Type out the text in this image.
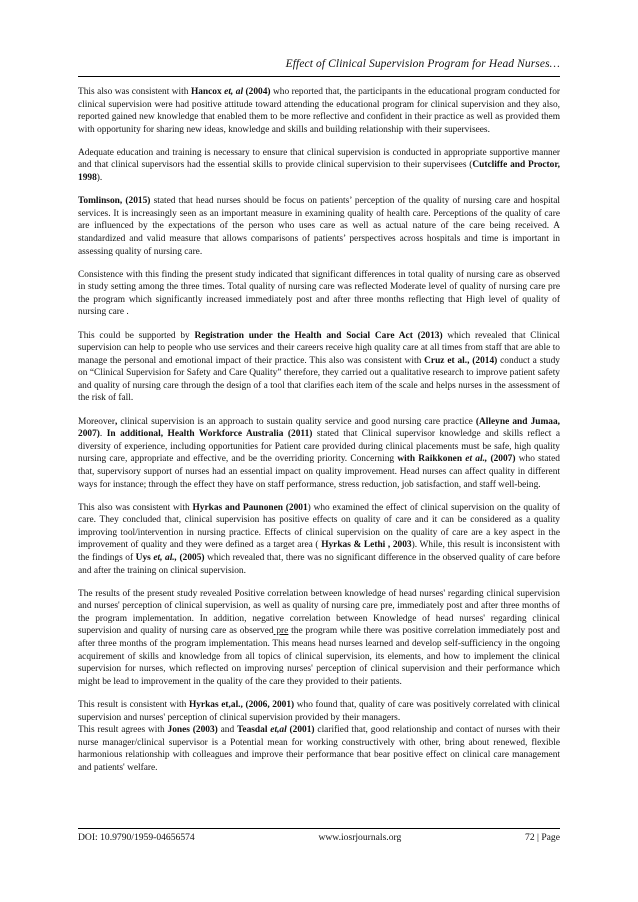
Effect of Clinical Supervision Program for Head Nurses…

This also was consistent with Hancox et, al (2004) who reported that, the participants in the educational program conducted for clinical supervision were had positive attitude toward attending the educational program for clinical supervision and they also, reported gained new knowledge that enabled them to be more reflective and confident in their practice as well as provided them with opportunity for sharing new ideas, knowledge and skills and building relationship with their supervisees.

Adequate education and training is necessary to ensure that clinical supervision is conducted in appropriate supportive manner and that clinical supervisors had the essential skills to provide clinical supervision to their supervisees (Cutcliffe and Proctor, 1998).

Tomlinson, (2015) stated that head nurses should be focus on patients’ perception of the quality of nursing care and hospital services. It is increasingly seen as an important measure in examining quality of health care. Perceptions of the quality of care are influenced by the expectations of the person who uses care as well as actual nature of the care being received. A standardized and valid measure that allows comparisons of patients’ perspectives across hospitals and time is important in assessing quality of nursing care.

Consistence with this finding the present study indicated that significant differences in total quality of nursing care as observed in study setting among the three times. Total quality of nursing care was reflected Moderate level of quality of nursing care pre the program which significantly increased immediately post and after three months reflecting that High level of quality of nursing care .

This could be supported by Registration under the Health and Social Care Act (2013) which revealed that Clinical supervision can help to people who use services and their careers receive high quality care at all times from staff that are able to manage the personal and emotional impact of their practice. This also was consistent with Cruz et al., (2014) conduct a study on “Clinical Supervision for Safety and Care Quality” therefore, they carried out a qualitative research to improve patient safety and quality of nursing care through the design of a tool that clarifies each item of the scale and helps nurses in the assessment of the risk of fall.

Moreover, clinical supervision is an approach to sustain quality service and good nursing care practice (Alleyne and Jumaa, 2007). In additional, Health Workforce Australia (2011) stated that Clinical supervisor knowledge and skills reflect a diversity of experience, including opportunities for Patient care provided during clinical placements must be safe, high quality nursing care, appropriate and effective, and be the overriding priority. Concerning with Raikkonen et al., (2007) who stated that, supervisory support of nurses had an essential impact on quality improvement. Head nurses can affect quality in different ways for instance; through the effect they have on staff performance, stress reduction, job satisfaction, and staff well-being.

This also was consistent with Hyrkas and Paunonen (2001) who examined the effect of clinical supervision on the quality of care. They concluded that, clinical supervision has positive effects on quality of care and it can be considered as a quality improving tool/intervention in nursing practice. Effects of clinical supervision on the quality of care are a key aspect in the improvement of quality and they were defined as a target area ( Hyrkas & Lethi , 2003). While, this result is inconsistent with the findings of Uys et, al., (2005) which revealed that, there was no significant difference in the observed quality of care before and after the training on clinical supervision.

The results of the present study revealed Positive correlation between knowledge of head nurses' regarding clinical supervision and nurses' perception of clinical supervision, as well as quality of nursing care pre, immediately post and after three months of the program implementation. In addition, negative correlation between Knowledge of head nurses' regarding clinical supervision and quality of nursing care as observed pre the program while there was positive correlation immediately post and after three months of the program implementation. This means head nurses learned and develop self-sufficiency in the ongoing acquirement of skills and knowledge from all topics of clinical supervision, its elements, and how to implement the clinical supervision for nurses, which reflected on improving nurses' perception of clinical supervision and their performance which might be lead to improvement in the quality of the care they provided to their patients.

This result is consistent with Hyrkas et,al., (2006, 2001) who found that, quality of care was positively correlated with clinical supervision and nurses' perception of clinical supervision provided by their managers.

This result agrees with Jones (2003) and Teasdal et,al (2001) clarified that, good relationship and contact of nurses with their nurse manager/clinical supervisor is a Potential mean for working constructively with other, bring about renewed, flexible harmonious relationship with colleagues and improve their performance that bear positive effect on clinical care management and patients' welfare.

DOI: 10.9790/1959-04656574	www.iosrjournals.org	72 | Page
